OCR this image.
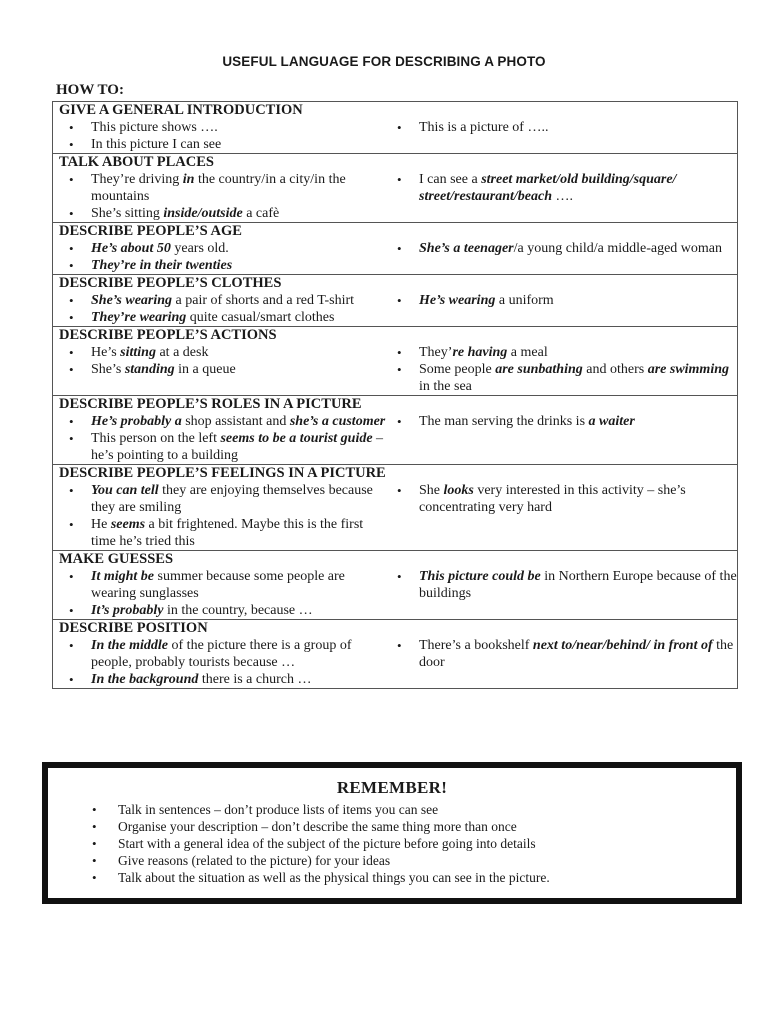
USEFUL LANGUAGE FOR DESCRIBING A PHOTO
HOW TO:
GIVE A GENERAL INTRODUCTION
• This picture shows ….
• In this picture I can see
• This is a picture of …..
TALK ABOUT PLACES
• They’re driving in the country/in a city/in the mountains
• She’s sitting inside/outside a cafè
• I can see a street market/old building/square/ street/restaurant/beach ….
DESCRIBE PEOPLE’S AGE
• He’s about 50 years old.
• They’re in their twenties
• She’s a teenager/a young child/a middle-aged woman
DESCRIBE PEOPLE’S CLOTHES
• She’s wearing a pair of shorts and a red T-shirt
• They’re wearing quite casual/smart clothes
• He’s wearing a uniform
DESCRIBE PEOPLE’S ACTIONS
• He’s sitting at a desk
• She’s standing in a queue
• They’re having a meal
• Some people are sunbathing and others are swimming in the sea
DESCRIBE PEOPLE’S ROLES IN A PICTURE
• He’s probably a shop assistant and she’s a customer
• This person on the left seems to be a tourist guide – he’s pointing to a building
• The man serving the drinks is a waiter
DESCRIBE PEOPLE’S FEELINGS IN A PICTURE
• You can tell they are enjoying themselves because they are smiling
• He seems a bit frightened. Maybe this is the first time he’s tried this
• She looks very interested in this activity – she’s concentrating very hard
MAKE GUESSES
• It might be summer because some people are wearing sunglasses
• It’s probably in the country, because …
• This picture could be in Northern Europe because of the buildings
DESCRIBE POSITION
• In the middle of the picture there is a group of people, probably tourists because …
• In the background there is a church …
• There’s a bookshelf next to/near/behind/ in front of the door
REMEMBER!
• Talk in sentences – don’t produce lists of items you can see
• Organise your description – don’t describe the same thing more than once
• Start with a general idea of the subject of the picture before going into details
• Give reasons (related to the picture) for your ideas
• Talk about the situation as well as the physical things you can see in the picture.
